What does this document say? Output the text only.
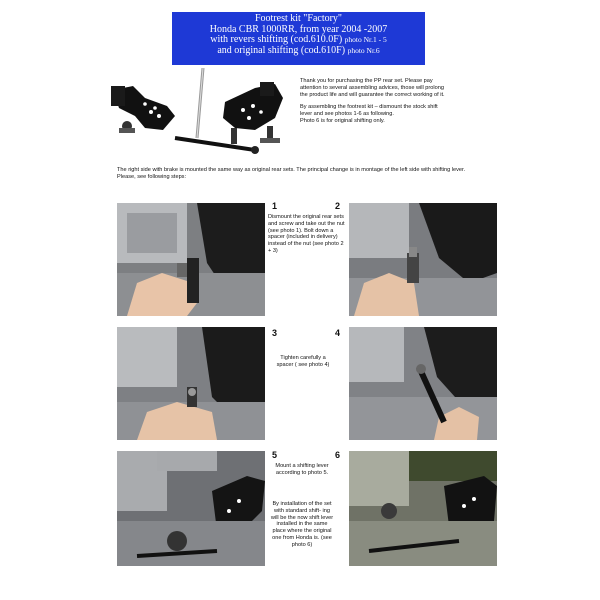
Footrest kit "Factory"
Honda CBR 1000RR, from year 2004 -2007
with revers shifting (cod.610.0F) photo Nr.1 - 5
and original shifting (cod.610F) photo Nr.6

Thank you for purchasing the PP rear set. Please pay attention to several assembling advices, those will prolong the product life and will guarantee the correct working of it.

By assembling the footrest kit – dismount the stock shift lever and see photos 1-6 as following.
Photo 6 is for original shifting only.

The right side with brake is mounted the same way as original rear sets. The principal change is in montage of the left side with shifting lever.
Please, see following steps:
1	2
Dismount the original rear sets and screw and take out the nut (see photo 1). Bolt down a spacer (included in delivery) instead of the nut (see photo 2 + 3)
3	4
Tighten carefully a spacer ( see photo 4)
5	6
Mount a shifting lever according to photo 5.
By installation of the set with standard shift- ing will be the now shift lever installed in the same place where the original one from Honda is. (see photo 6)
